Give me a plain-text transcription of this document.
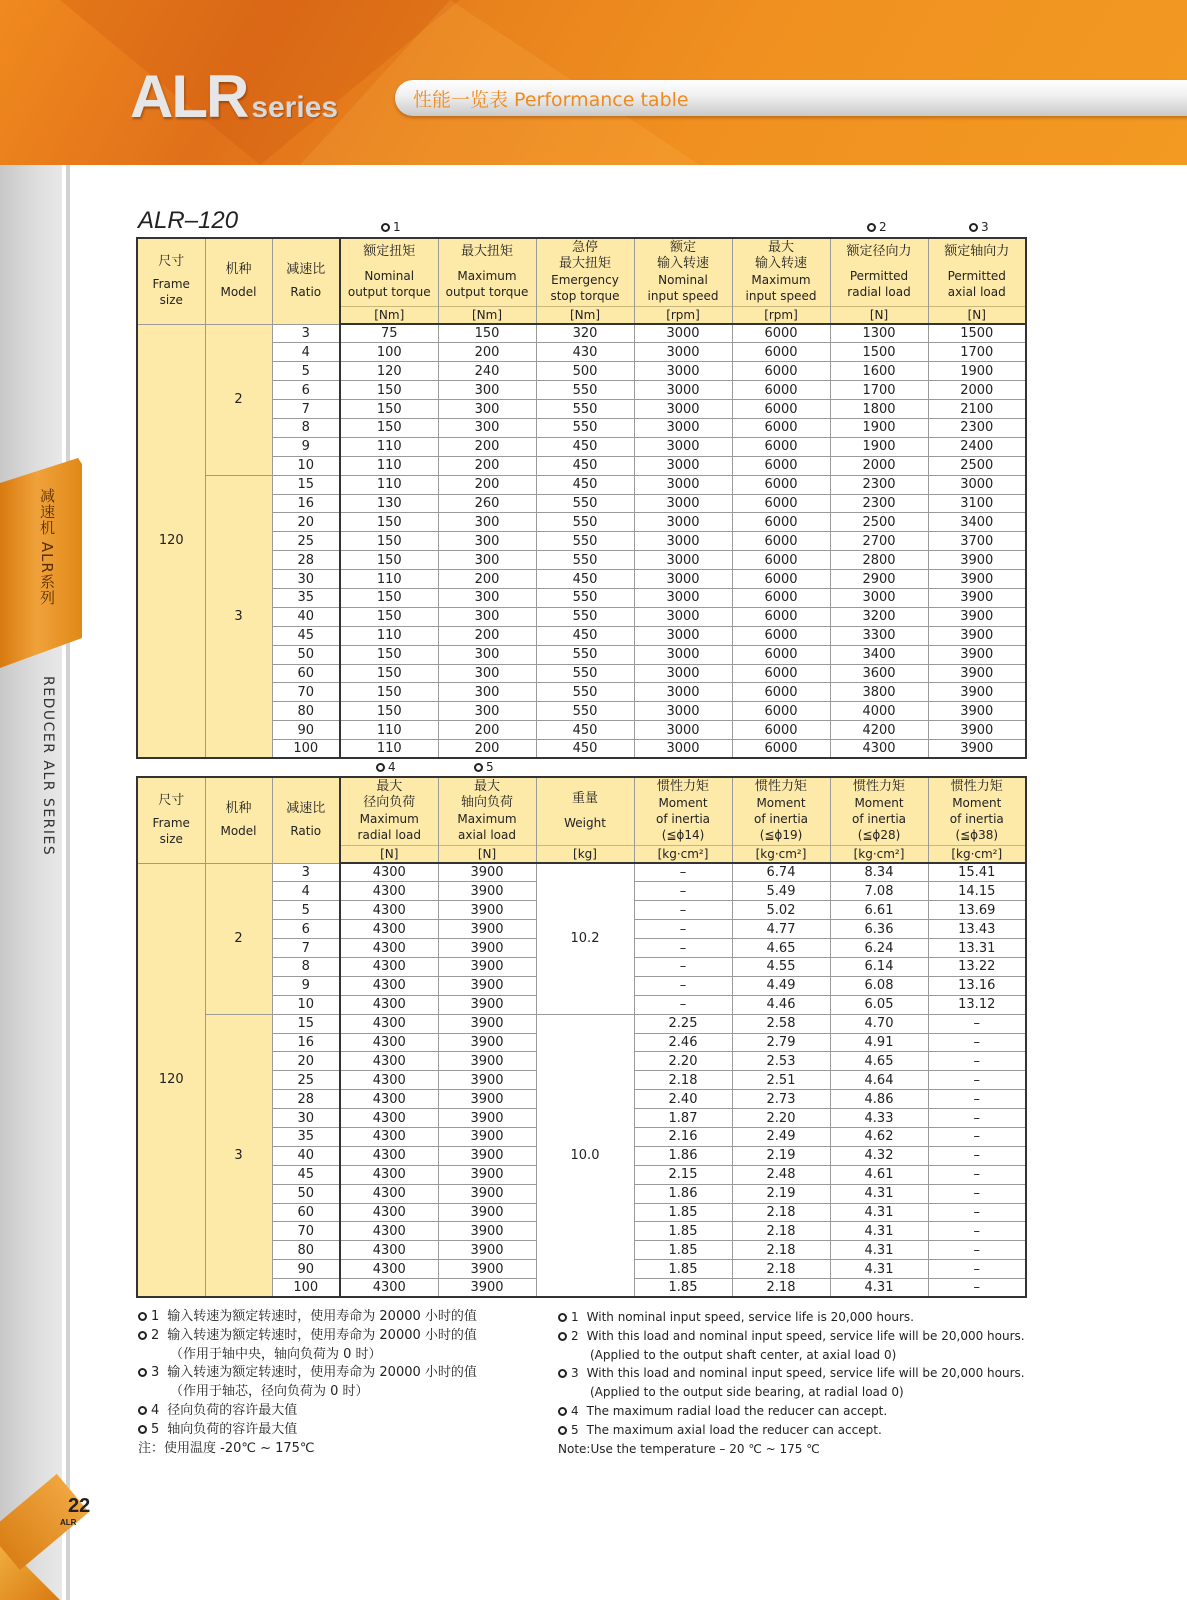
ALR series	性能一览表 Performance table
减速机 ALR系列
REDUCER ALR SERIES
22
ALR
ALR–120	1	2	3
尺寸
Frame
size	机种
Model	减速比
Ratio	额定扭矩
Nominal
output torque	最大扭矩
Maximum
output torque	急停
最大扭矩
Emergency
stop torque	额定
输入转速
Nominal
input speed	最大
输入转速
Maximum
input speed	额定径向力
Permitted
radial load	额定轴向力
Permitted
axial load

			[Nm]	[Nm]	[Nm]	[rpm]	[rpm]	[N]	[N]
120	2	3	75	150	320	3000	6000	1300	1500
		4	100	200	430	3000	6000	1500	1700
		5	120	240	500	3000	6000	1600	1900
		6	150	300	550	3000	6000	1700	2000
		7	150	300	550	3000	6000	1800	2100
		8	150	300	550	3000	6000	1900	2300
		9	110	200	450	3000	6000	1900	2400
		10	110	200	450	3000	6000	2000	2500
	3	15	110	200	450	3000	6000	2300	3000
		16	130	260	550	3000	6000	2300	3100
		20	150	300	550	3000	6000	2500	3400
		25	150	300	550	3000	6000	2700	3700
		28	150	300	550	3000	6000	2800	3900
		30	110	200	450	3000	6000	2900	3900
		35	150	300	550	3000	6000	3000	3900
		40	150	300	550	3000	6000	3200	3900
		45	110	200	450	3000	6000	3300	3900
		50	150	300	550	3000	6000	3400	3900
		60	150	300	550	3000	6000	3600	3900
		70	150	300	550	3000	6000	3800	3900
		80	150	300	550	3000	6000	4000	3900
		90	110	200	450	3000	6000	4200	3900
		100	110	200	450	3000	6000	4300	3900
4	5
尺寸
Frame
size	机种
Model	减速比
Ratio	最大
径向负荷
Maximum
radial load	最大
轴向负荷
Maximum
axial load	重量
Weight	惯性力矩
Moment
of inertia
(≦ϕ14)	惯性力矩
Moment
of inertia
(≦ϕ19)	惯性力矩
Moment
of inertia
(≦ϕ28)	惯性力矩
Moment
of inertia
(≦ϕ38)

			[N]	[N]	[kg]	[kg·cm²]	[kg·cm²]	[kg·cm²]	[kg·cm²]
120	2	3	4300	3900	10.2	–	6.74	8.34	15.41
		4	4300	3900		–	5.49	7.08	14.15
		5	4300	3900		–	5.02	6.61	13.69
		6	4300	3900		–	4.77	6.36	13.43
		7	4300	3900		–	4.65	6.24	13.31
		8	4300	3900		–	4.55	6.14	13.22
		9	4300	3900		–	4.49	6.08	13.16
		10	4300	3900		–	4.46	6.05	13.12
	3	15	4300	3900	10.0	2.25	2.58	4.70	–
		16	4300	3900		2.46	2.79	4.91	–
		20	4300	3900		2.20	2.53	4.65	–
		25	4300	3900		2.18	2.51	4.64	–
		28	4300	3900		2.40	2.73	4.86	–
		30	4300	3900		1.87	2.20	4.33	–
		35	4300	3900		2.16	2.49	4.62	–
		40	4300	3900		1.86	2.19	4.32	–
		45	4300	3900		2.15	2.48	4.61	–
		50	4300	3900		1.86	2.19	4.31	–
		60	4300	3900		1.85	2.18	4.31	–
		70	4300	3900		1.85	2.18	4.31	–
		80	4300	3900		1.85	2.18	4.31	–
		90	4300	3900		1.85	2.18	4.31	–
		100	4300	3900		1.85	2.18	4.31	–
1 输入转速为额定转速时，使用寿命为 20000 小时的值
2 输入转速为额定转速时，使用寿命为 20000 小时的值
（作用于轴中央，轴向负荷为 0 时）
3 输入转速为额定转速时，使用寿命为 20000 小时的值
（作用于轴芯，径向负荷为 0 时）
4 径向负荷的容许最大值
5 轴向负荷的容许最大值
注：使用温度 -20℃ ~ 175℃
1 With nominal input speed, service life is 20,000 hours.
2 With this load and nominal input speed, service life will be 20,000 hours.
(Applied to the output shaft center, at axial load 0)
3 With this load and nominal input speed, service life will be 20,000 hours.
(Applied to the output side bearing, at radial load 0)
4 The maximum radial load the reducer can accept.
5 The maximum axial load the reducer can accept.
Note:Use the temperature – 20 ℃ ~ 175 ℃
